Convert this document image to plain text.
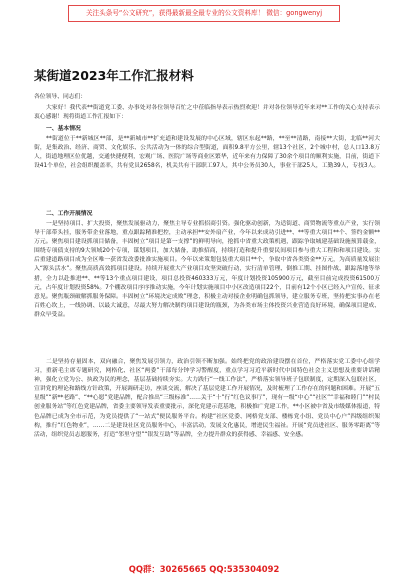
关注头条号“公文研究”，获得最新最全最专业的公文资料库！ 微信：gongwenyj
某街道2023年工作汇报材料
各位领导、同志们：
大家好！我代表**街道党工委、办事处对各位领导百忙之中莅临指导表示热烈欢迎！并对各位领导近年来对**工作的关心支持表示衷心感谢！现将街道工作汇报如下：
一、基本情况
**街道位于**新城区**部，是**新城市**扩充道和建设发展的中心区域，辖区东起**路，**至**清路，南接**大街，北临**河大街，是集政治、经济、商贸、文化娱乐、公共活动为一体的综合型街道，面积9.8平方公里，辖13个社区，2个城中村，总人口13.8万人，街道地理区位优越，交通快捷便利，宏观广场、医院广场等商业区繁华，近年来有力保障了30余个项目的顺利实施，目前，街道下设41个单位，社会组织覆盖率，共有党员2658名，机关共有干部职工97人，其中公务员30人，事业干部25人，工勤39人，专技3人。
二、工作开展情况
一是坚持项目、扩大投资，聚焦发展驱动力，聚焦主导专业抓招商引资。强化驱动创新，为适街道、商贸物流等重点产业，实行领导干部带头挂，服务带企业落地，重点跟踪精准把控，主动承担**安外扇产业，今年以来成功引进**、**等重大项目**个、签约金额**万元。聚焦项目建设抓项目储备，丰固树立“项目是第一支撑”的鲜明导向，抢抓中省重大政策机遇，跟踪争取城建基础设施预算载金，围绕专项债支持的9大领域20个专项，谋划项目，加大储备，助推招商，持续打造和提升重要民间项目参与重大工程和和项目建设。实后重建道路项目成为全区唯一获省发改委批准实施项目。今年以来策划包装重大项目**个，争取中省各类资金**万元，为高质量发展注入“源头活水”。聚焦高质高效抓项目建设。持续开展重大产业项目攻坚突破行动，实行清单管理、倒推工期、挂图作战、跟踪落地等举措，全力以赴推进**、**等13个重点项目建设，项目总投资460333万元，年度计划投资105900万元，截至目前完成投资61500万元，占年度计划投资58%。7个棚改项目序序推动实施，今年计划实施项目中小区改造项目22个，目前有12个小区已经入户宣传、征求意见。聚焦瓶颈破解抓服务保障。丰固树立“环境决定成败”理念，积极主动对接企业明确包抓领导，建立服务专班，坚持把实事办在老百姓心坎上，一线协调、以最大诚意，尽最大努力解决制约项目建设的瓶颈，为各类市场主体投资兴业营造良好环境，确保项目建成、群众早受益。
二是坚持存量固本，双向融合，聚焦发展引领力，政治引领不断加强。始终把党的政治建设摆在首位，严格落实党工委中心组学习，重新毛主席专题研究，网格化、社区“两委”干部每分钟学习警醒度，重点学习习近平新时代中国特色社会主义思想及重要讲话精神，强化立党为公、执政为民的理念，基层基础持续夯实。大力践行“一线工作法”，严格落实领导班子包联制度，定期深入包联社区，宣讲党的理论和路线方针政策，开展调研走访，座谈交流，解决了基层党建工作开展情况，及时梳理了工作存在的问题和困难。开展“五星级”“新**老路”、“**心愿”党建品牌，配合推出“三级标准”……关于“十”行“红色议事厅”，现有一级“中心”“社区”“幸福和睦门”“村民创业服务站”等红色党建品牌，省委主要领导发表重要批示，深化党建示范基地，积极推广党建工作，**小区被中省及市级媒体报道，特色品牌已成为全市示范，为党员提供了“一站式”便民服务平台。构建“社区党委、网格党支部、楼栋党小组、党员中心户”四级组织架构，推行“红色物业”，……二是建设社区党员服务中心，丰富活动，发展文化惠民，增进民生福祉。开展“党员进社区、服务零距离”等活动，组织党员志愿服务，打造“邻里守望”“银发互助”等品牌，全力提升群众的获得感、幸福感、安全感。
QQ群：30265665 QQ:535304092
